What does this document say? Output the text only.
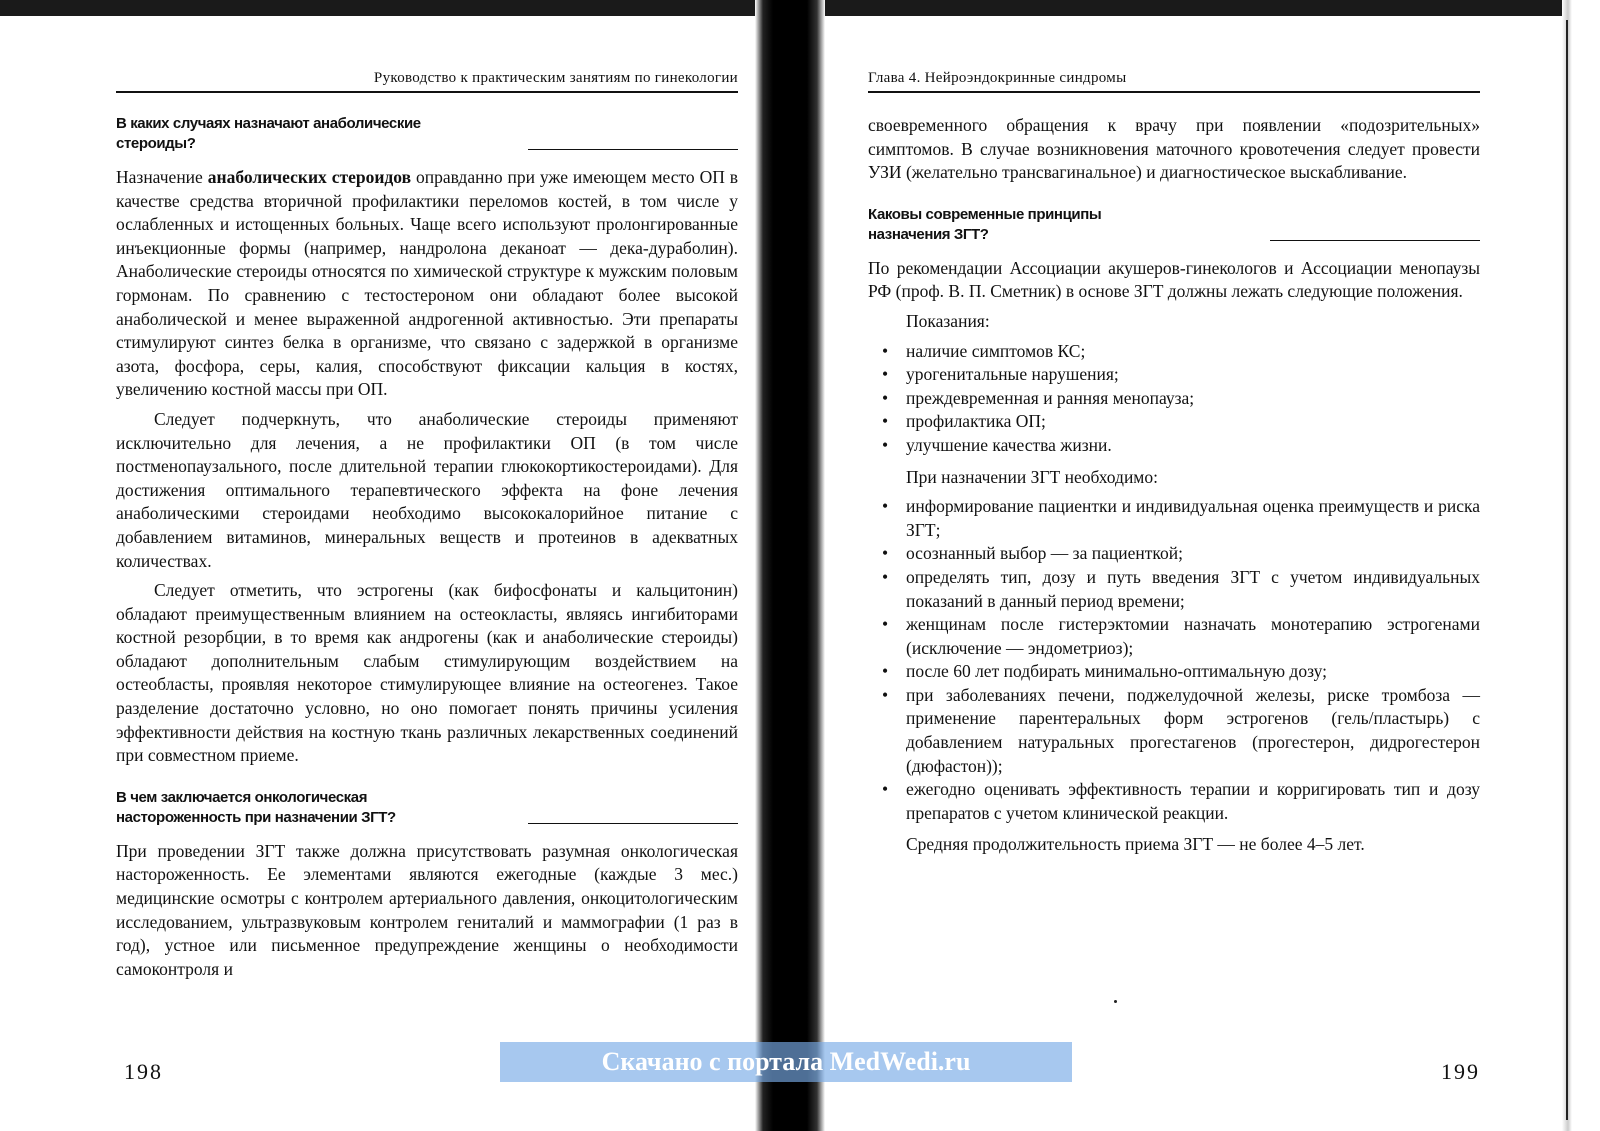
Руководство к практическим занятиям по гинекологии
В каких случаях назначают анаболические
стероиды?

Назначение анаболических стероидов оправданно при уже имеющем место ОП в качестве средства вторичной профилактики переломов костей, в том числе у ослабленных и истощенных больных. Чаще всего используют пролонгированные инъекционные формы (например, нандролона деканоат — дека-дураболин). Анаболические стероиды относятся по химической структуре к мужским половым гормонам. По сравнению с тестостероном они обладают более высокой анаболической и менее выраженной андрогенной активностью. Эти препараты стимулируют синтез белка в организме, что связано с задержкой в организме азота, фосфора, серы, калия, способствуют фиксации кальция в костях, увеличению костной массы при ОП.

Следует подчеркнуть, что анаболические стероиды применяют исключительно для лечения, а не профилактики ОП (в том числе постменопаузального, после длительной терапии глюкокортикостероидами). Для достижения оптимального терапевтического эффекта на фоне лечения анаболическими стероидами необходимо высококалорийное питание с добавлением витаминов, минеральных веществ и протеинов в адекватных количествах.

Следует отметить, что эстрогены (как бифосфонаты и кальцитонин) обладают преимущественным влиянием на остеокласты, являясь ингибиторами костной резорбции, в то время как андрогены (как и анаболические стероиды) обладают дополнительным слабым стимулирующим воздействием на остеобласты, проявляя некоторое стимулирующее влияние на остеогенез. Такое разделение достаточно условно, но оно помогает понять причины усиления эффективности действия на костную ткань различных лекарственных соединений при совместном приеме.

В чем заключается онкологическая
настороженность при назначении ЗГТ?

При проведении ЗГТ также должна присутствовать разумная онкологическая настороженность. Ее элементами являются ежегодные (каждые 3 мес.) медицинские осмотры с контролем артериального давления, онкоцитологическим исследованием, ультразвуковым контролем гениталий и маммографии (1 раз в год), устное или письменное предупреждение женщины о необходимости самоконтроля и

198
Глава 4. Нейроэндокринные синдромы

своевременного обращения к врачу при появлении «подозрительных» симптомов. В случае возникновения маточного кровотечения следует провести УЗИ (желательно трансвагинальное) и диагностическое выскабливание.

Каковы современные принципы
назначения ЗГТ?

По рекомендации Ассоциации акушеров-гинекологов и Ассоциации менопаузы РФ (проф. В. П. Сметник) в основе ЗГТ должны лежать следующие положения.

Показания:

• наличие симптомов КС;
• урогенитальные нарушения;
• преждевременная и ранняя менопауза;
• профилактика ОП;
• улучшение качества жизни.

При назначении ЗГТ необходимо:

• информирование пациентки и индивидуальная оценка преимуществ и риска ЗГТ;
• осознанный выбор — за пациенткой;
• определять тип, дозу и путь введения ЗГТ с учетом индивидуальных показаний в данный период времени;
• женщинам после гистерэктомии назначать монотерапию эстрогенами (исключение — эндометриоз);
• после 60 лет подбирать минимально-оптимальную дозу;
• при заболеваниях печени, поджелудочной железы, риске тромбоза — применение парентеральных форм эстрогенов (гель/пластырь) с добавлением натуральных прогестагенов (прогестерон, дидрогестерон (дюфастон));
• ежегодно оценивать эффективность терапии и корригировать тип и дозу препаратов с учетом клинической реакции.

Средняя продолжительность приема ЗГТ — не более 4–5 лет.

199
Скачано с портала MedWedi.ru
